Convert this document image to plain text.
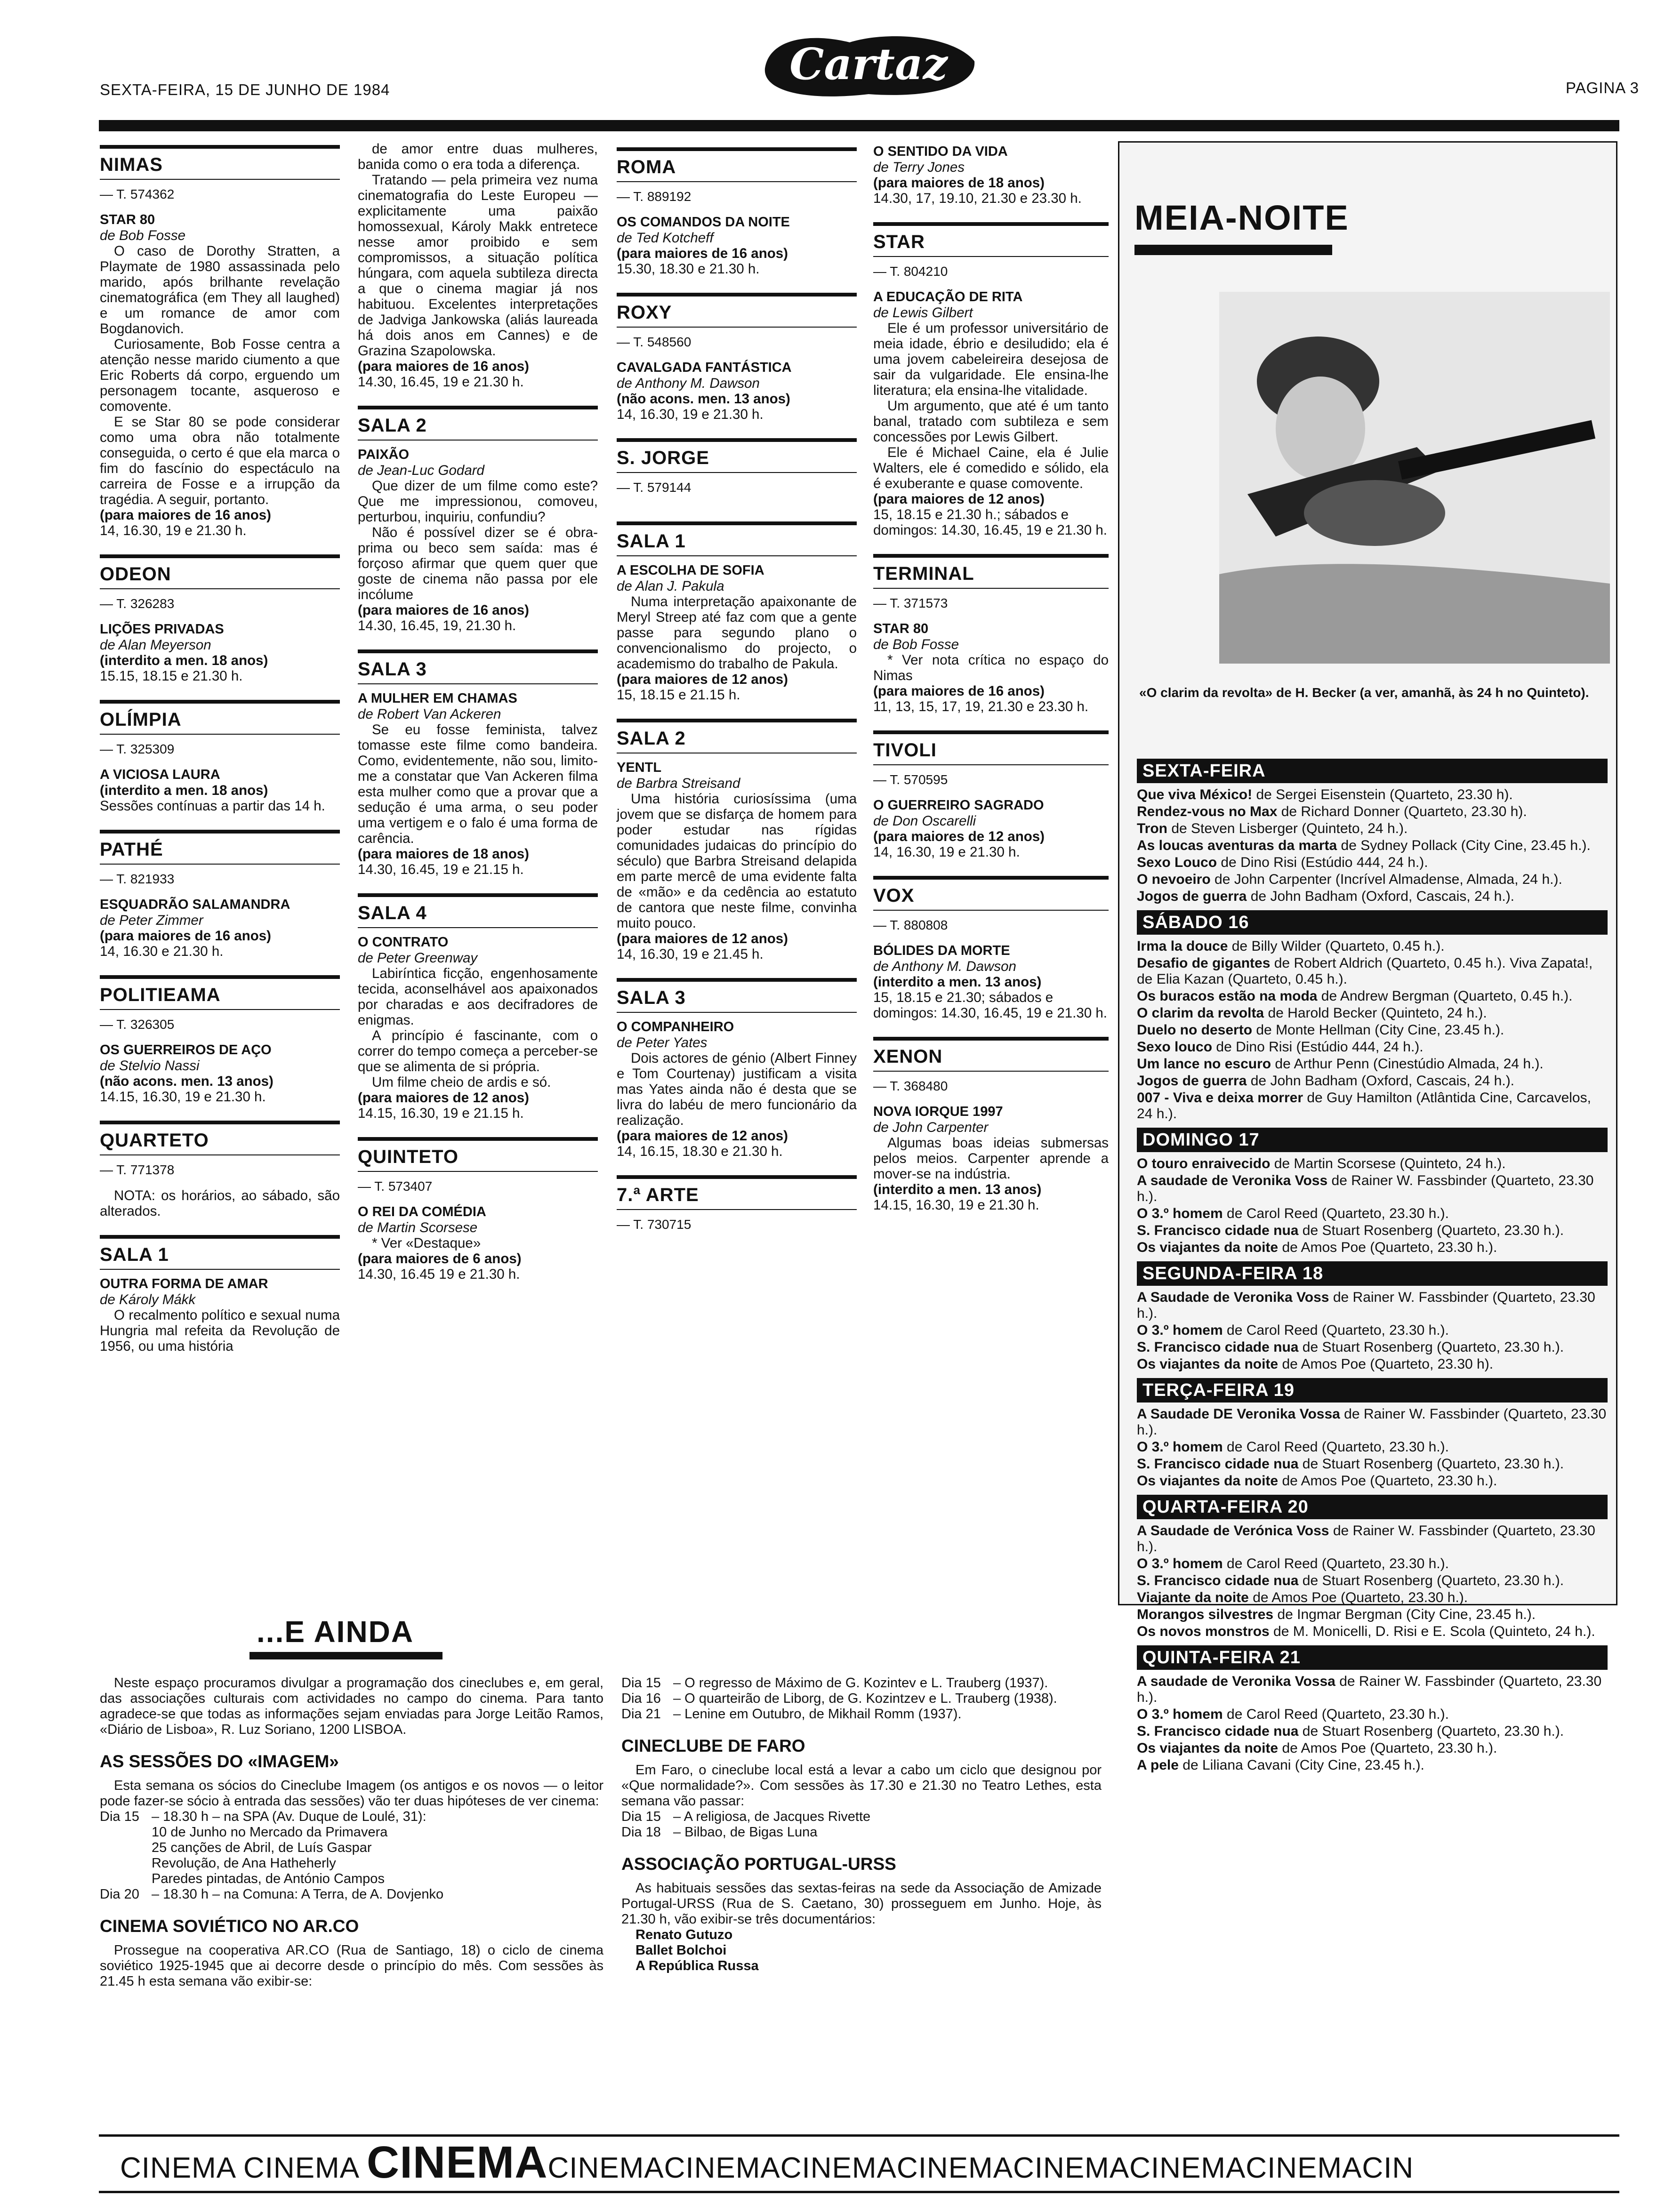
SEXTA-FEIRA, 15 DE JUNHO DE 1984
Cartaz	PAGINA 3
NIMAS
— T. 574362
STAR 80
de Bob Fosse

O caso de Dorothy Stratten, a Playmate de 1980 assassinada pelo marido, após brilhante revelação cinematográfica (em They all laughed) e um romance de amor com Bogdanovich.

Curiosamente, Bob Fosse centra a atenção nesse marido ciumento a que Eric Roberts dá corpo, erguendo um personagem tocante, asqueroso e comovente.

E se Star 80 se pode considerar como uma obra não totalmente conseguida, o certo é que ela marca o fim do fascínio do espectáculo na carreira de Fosse e a irrupção da tragédia. A seguir, portanto.

(para maiores de 16 anos)
14, 16.30, 19 e 21.30 h.
ODEON
— T. 326283
LIÇÕES PRIVADAS
de Alan Meyerson
(interdito a men. 18 anos)
15.15, 18.15 e 21.30 h.
OLÍMPIA
— T. 325309
A VICIOSA LAURA
(interdito a men. 18 anos)
Sessões contínuas a partir das 14 h.
PATHÉ
— T. 821933
ESQUADRÃO SALAMANDRA
de Peter Zimmer
(para maiores de 16 anos)
14, 16.30 e 21.30 h.
POLITIEAMA
— T. 326305
OS GUERREIROS DE AÇO
de Stelvio Nassi
(não acons. men. 13 anos)
14.15, 16.30, 19 e 21.30 h.
QUARTETO
— T. 771378

NOTA: os horários, ao sábado, são alterados.

SALA 1
OUTRA FORMA DE AMAR
de Károly Mákk

O recalmento político e sexual numa Hungria mal refeita da Revolução de 1956, ou uma história

de amor entre duas mulheres, banida como o era toda a diferença.

Tratando — pela primeira vez numa cinematografia do Leste Europeu — explicitamente uma paixão homossexual, Károly Makk entretece nesse amor proibido e sem compromissos, a situação política húngara, com aquela subtileza directa a que o cinema magiar já nos habituou. Excelentes interpretações de Jadviga Jankowska (aliás laureada há dois anos em Cannes) e de Grazina Szapolowska.

(para maiores de 16 anos)
14.30, 16.45, 19 e 21.30 h.
SALA 2
PAIXÃO
de Jean-Luc Godard

Que dizer de um filme como este? Que me impressionou, comoveu, perturbou, inquiriu, confundiu?

Não é possível dizer se é obra-prima ou beco sem saída: mas é forçoso afirmar que quem quer que goste de cinema não passa por ele incólume

(para maiores de 16 anos)
14.30, 16.45, 19, 21.30 h.
SALA 3
A MULHER EM CHAMAS
de Robert Van Ackeren

Se eu fosse feminista, talvez tomasse este filme como bandeira. Como, evidentemente, não sou, limito-me a constatar que Van Ackeren filma esta mulher como que a provar que a sedução é uma arma, o seu poder uma vertigem e o falo é uma forma de carência.

(para maiores de 18 anos)
14.30, 16.45, 19 e 21.15 h.
SALA 4
O CONTRATO
de Peter Greenway

Labiríntica ficção, engenhosamente tecida, aconselhável aos apaixonados por charadas e aos decifradores de enigmas.

A princípio é fascinante, com o correr do tempo começa a perceber-se que se alimenta de si própria.

Um filme cheio de ardis e só.

(para maiores de 12 anos)
14.15, 16.30, 19 e 21.15 h.
QUINTETO
— T. 573407
O REI DA COMÉDIA
de Martin Scorsese

* Ver «Destaque»

(para maiores de 6 anos)
14.30, 16.45 19 e 21.30 h.
ROMA
— T. 889192
OS COMANDOS DA NOITE
de Ted Kotcheff
(para maiores de 16 anos)
15.30, 18.30 e 21.30 h.
ROXY
— T. 548560
CAVALGADA FANTÁSTICA
de Anthony M. Dawson
(não acons. men. 13 anos)
14, 16.30, 19 e 21.30 h.
S. JORGE
— T. 579144
SALA 1
A ESCOLHA DE SOFIA
de Alan J. Pakula

Numa interpretação apaixonante de Meryl Streep até faz com que a gente passe para segundo plano o convencionalismo do projecto, o academismo do trabalho de Pakula.

(para maiores de 12 anos)
15, 18.15 e 21.15 h.
SALA 2
YENTL
de Barbra Streisand

Uma história curiosíssima (uma jovem que se disfarça de homem para poder estudar nas rígidas comunidades judaicas do princípio do século) que Barbra Streisand delapida em parte mercê de uma evidente falta de «mão» e da cedência ao estatuto de cantora que neste filme, convinha muito pouco.

(para maiores de 12 anos)
14, 16.30, 19 e 21.45 h.
SALA 3
O COMPANHEIRO
de Peter Yates

Dois actores de génio (Albert Finney e Tom Courtenay) justificam a visita mas Yates ainda não é desta que se livra do labéu de mero funcionário da realização.

(para maiores de 12 anos)
14, 16.15, 18.30 e 21.30 h.
7.ª ARTE
— T. 730715
O SENTIDO DA VIDA
de Terry Jones
(para maiores de 18 anos)
14.30, 17, 19.10, 21.30 e 23.30 h.
STAR
— T. 804210
A EDUCAÇÃO DE RITA
de Lewis Gilbert

Ele é um professor universitário de meia idade, ébrio e desiludido; ela é uma jovem cabeleireira desejosa de sair da vulgaridade. Ele ensina-lhe literatura; ela ensina-lhe vitalidade.

Um argumento, que até é um tanto banal, tratado com subtileza e sem concessões por Lewis Gilbert.

Ele é Michael Caine, ela é Julie Walters, ele é comedido e sólido, ela é exuberante e quase comovente.

(para maiores de 12 anos)
15, 18.15 e 21.30 h.; sábados e domingos: 14.30, 16.45, 19 e 21.30 h.
TERMINAL
— T. 371573
STAR 80
de Bob Fosse

* Ver nota crítica no espaço do Nimas

(para maiores de 16 anos)
11, 13, 15, 17, 19, 21.30 e 23.30 h.
TIVOLI
— T. 570595
O GUERREIRO SAGRADO
de Don Oscarelli
(para maiores de 12 anos)
14, 16.30, 19 e 21.30 h.
VOX
— T. 880808
BÓLIDES DA MORTE
de Anthony M. Dawson
(interdito a men. 13 anos)
15, 18.15 e 21.30; sábados e domingos: 14.30, 16.45, 19 e 21.30 h.
XENON
— T. 368480
NOVA IORQUE 1997
de John Carpenter

Algumas boas ideias submersas pelos meios. Carpenter aprende a mover-se na indústria.

(interdito a men. 13 anos)
14.15, 16.30, 19 e 21.30 h.
MEIA-NOITE
«O clarim da revolta» de H. Becker (a ver, amanhã, às 24 h no Quinteto).
SEXTA-FEIRA
Que viva México! de Sergei Eisenstein (Quarteto, 23.30 h).
Rendez-vous no Max de Richard Donner (Quarteto, 23.30 h).
Tron de Steven Lisberger (Quinteto, 24 h.).
As loucas aventuras da marta de Sydney Pollack (City Cine, 23.45 h.).
Sexo Louco de Dino Risi (Estúdio 444, 24 h.).
O nevoeiro de John Carpenter (Incrível Almadense, Almada, 24 h.).
Jogos de guerra de John Badham (Oxford, Cascais, 24 h.).
SÁBADO 16
Irma la douce de Billy Wilder (Quarteto, 0.45 h.).
Desafio de gigantes de Robert Aldrich (Quarteto, 0.45 h.). Viva Zapata!, de Elia Kazan (Quarteto, 0.45 h.).
Os buracos estão na moda de Andrew Bergman (Quarteto, 0.45 h.).
O clarim da revolta de Harold Becker (Quinteto, 24 h.).
Duelo no deserto de Monte Hellman (City Cine, 23.45 h.).
Sexo louco de Dino Risi (Estúdio 444, 24 h.).
Um lance no escuro de Arthur Penn (Cinestúdio Almada, 24 h.).
Jogos de guerra de John Badham (Oxford, Cascais, 24 h.).
007 - Viva e deixa morrer de Guy Hamilton (Atlântida Cine, Carcavelos, 24 h.).
DOMINGO 17
O touro enraivecido de Martin Scorsese (Quinteto, 24 h.).
A saudade de Veronika Voss de Rainer W. Fassbinder (Quarteto, 23.30 h.).
O 3.º homem de Carol Reed (Quarteto, 23.30 h.).
S. Francisco cidade nua de Stuart Rosenberg (Quarteto, 23.30 h.).
Os viajantes da noite de Amos Poe (Quarteto, 23.30 h.).
SEGUNDA-FEIRA 18
A Saudade de Veronika Voss de Rainer W. Fassbinder (Quarteto, 23.30 h.).
O 3.º homem de Carol Reed (Quarteto, 23.30 h.).
S. Francisco cidade nua de Stuart Rosenberg (Quarteto, 23.30 h.).
Os viajantes da noite de Amos Poe (Quarteto, 23.30 h).
TERÇA-FEIRA 19
A Saudade DE Veronika Vossa de Rainer W. Fassbinder (Quarteto, 23.30 h.).
O 3.º homem de Carol Reed (Quarteto, 23.30 h.).
S. Francisco cidade nua de Stuart Rosenberg (Quarteto, 23.30 h.).
Os viajantes da noite de Amos Poe (Quarteto, 23.30 h.).
QUARTA-FEIRA 20
A Saudade de Verónica Voss de Rainer W. Fassbinder (Quarteto, 23.30 h.).
O 3.º homem de Carol Reed (Quarteto, 23.30 h.).
S. Francisco cidade nua de Stuart Rosenberg (Quarteto, 23.30 h.).
Viajante da noite de Amos Poe (Quarteto, 23.30 h.).
Morangos silvestres de Ingmar Bergman (City Cine, 23.45 h.).
Os novos monstros de M. Monicelli, D. Risi e E. Scola (Quinteto, 24 h.).
QUINTA-FEIRA 21
A saudade de Veronika Vossa de Rainer W. Fassbinder (Quarteto, 23.30 h.).
O 3.º homem de Carol Reed (Quarteto, 23.30 h.).
S. Francisco cidade nua de Stuart Rosenberg (Quarteto, 23.30 h.).
Os viajantes da noite de Amos Poe (Quarteto, 23.30 h.).
A pele de Liliana Cavani (City Cine, 23.45 h.).
...E AINDA

Neste espaço procuramos divulgar a programação dos cineclubes e, em geral, das associações culturais com actividades no campo do cinema. Para tanto agradece-se que todas as informações sejam enviadas para Jorge Leitão Ramos, «Diário de Lisboa», R. Luz Soriano, 1200 LISBOA.

AS SESSÕES DO «IMAGEM»

Esta semana os sócios do Cineclube Imagem (os antigos e os novos — o leitor pode fazer-se sócio à entrada das sessões) vão ter duas hipóteses de ver cinema:

Dia 15 – 18.30 h – na SPA (Av. Duque de Loulé, 31):
10 de Junho no Mercado da Primavera
25 canções de Abril, de Luís Gaspar
Revolução, de Ana Hatheherly
Paredes pintadas, de António Campos
Dia 20 – 18.30 h – na Comuna: A Terra, de A. Dovjenko
CINEMA SOVIÉTICO NO AR.CO

Prossegue na cooperativa AR.CO (Rua de Santiago, 18) o ciclo de cinema soviético 1925-1945 que ai decorre desde o princípio do mês. Com sessões às 21.45 h esta semana vão exibir-se:

Dia 15 – O regresso de Máximo de G. Kozintev e L. Trauberg (1937).
Dia 16 – O quarteirão de Liborg, de G. Kozintzev e L. Trauberg (1938).
Dia 21 – Lenine em Outubro, de Mikhail Romm (1937).
CINECLUBE DE FARO

Em Faro, o cineclube local está a levar a cabo um ciclo que designou por «Que normalidade?». Com sessões às 17.30 e 21.30 no Teatro Lethes, esta semana vão passar:

Dia 15 – A religiosa, de Jacques Rivette
Dia 18 – Bilbao, de Bigas Luna
ASSOCIAÇÃO PORTUGAL-URSS

As habituais sessões das sextas-feiras na sede da Associação de Amizade Portugal-URSS (Rua de S. Caetano, 30) prosseguem em Junho. Hoje, às 21.30 h, vão exibir-se três documentários:

Renato Gutuzo
Ballet Bolchoi
A República Russa
CINEMA CINEMA CINEMACINEMACINEMACINEMACINEMACINEMACINEMACINEMACIN
